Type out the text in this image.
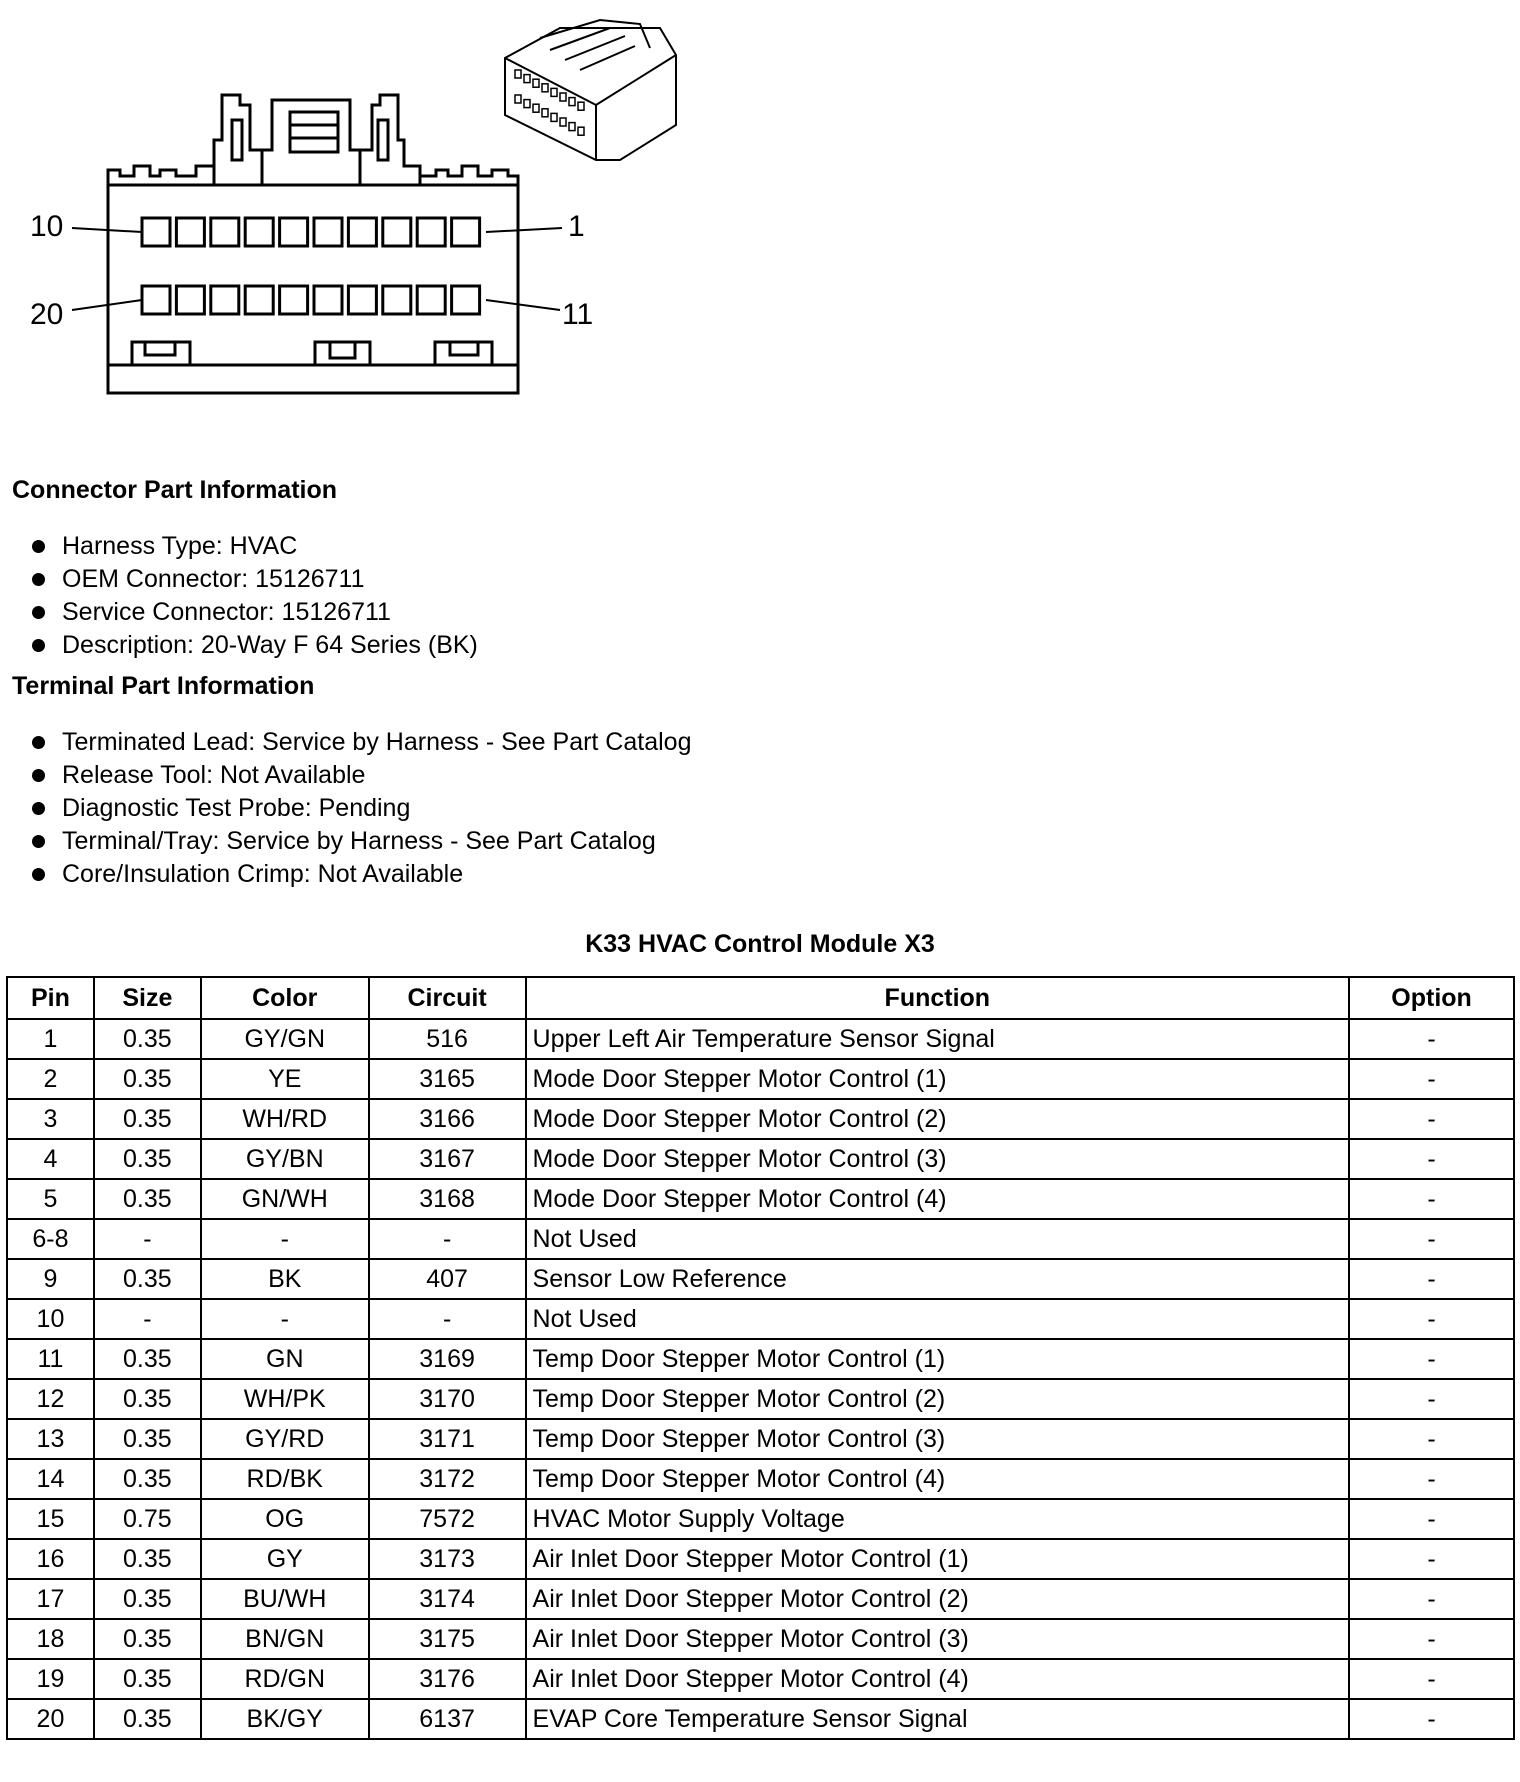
10	1
20	11
Connector Part Information
Harness Type: HVAC
OEM Connector: 15126711
Service Connector: 15126711
Description: 20-Way F 64 Series (BK)
Terminal Part Information
Terminated Lead: Service by Harness - See Part Catalog
Release Tool: Not Available
Diagnostic Test Probe: Pending
Terminal/Tray: Service by Harness - See Part Catalog
Core/Insulation Crimp: Not Available
K33 HVAC Control Module X3
Pin	Size	Color	Circuit	Function	Option
1	0.35	GY/GN	516	Upper Left Air Temperature Sensor Signal	-
2	0.35	YE	3165	Mode Door Stepper Motor Control (1)	-
3	0.35	WH/RD	3166	Mode Door Stepper Motor Control (2)	-
4	0.35	GY/BN	3167	Mode Door Stepper Motor Control (3)	-
5	0.35	GN/WH	3168	Mode Door Stepper Motor Control (4)	-
6-8	-	-	-	Not Used	-
9	0.35	BK	407	Sensor Low Reference	-
10	-	-	-	Not Used	-
11	0.35	GN	3169	Temp Door Stepper Motor Control (1)	-
12	0.35	WH/PK	3170	Temp Door Stepper Motor Control (2)	-
13	0.35	GY/RD	3171	Temp Door Stepper Motor Control (3)	-
14	0.35	RD/BK	3172	Temp Door Stepper Motor Control (4)	-
15	0.75	OG	7572	HVAC Motor Supply Voltage	-
16	0.35	GY	3173	Air Inlet Door Stepper Motor Control (1)	-
17	0.35	BU/WH	3174	Air Inlet Door Stepper Motor Control (2)	-
18	0.35	BN/GN	3175	Air Inlet Door Stepper Motor Control (3)	-
19	0.35	RD/GN	3176	Air Inlet Door Stepper Motor Control (4)	-
20	0.35	BK/GY	6137	EVAP Core Temperature Sensor Signal	-
